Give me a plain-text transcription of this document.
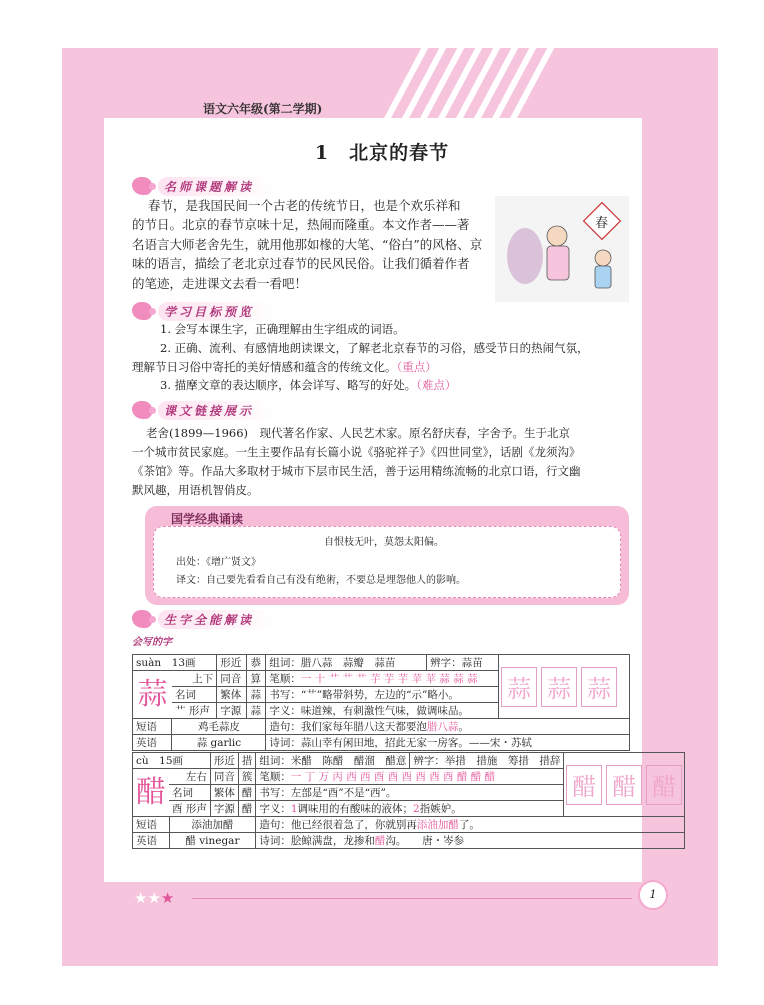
语文六年级(第二学期)
1　北京的春节
名师课题解读
春节，是我国民间一个古老的传统节日，也是个欢乐祥和
的节日。北京的春节京味十足，热闹而隆重。本文作者——著
名语言大师老舍先生，就用他那如椽的大笔、“俗白”的风格、京
味的语言，描绘了老北京过春节的民风民俗。让我们循着作者
的笔迹，走进课文去看一看吧！
春
学习目标预览
1. 会写本课生字，正确理解由生字组成的词语。
2. 正确、流利、有感情地朗读课文，了解老北京春节的习俗，感受节日的热闹气氛，
理解节日习俗中寄托的美好情感和蕴含的传统文化。（重点）
3. 描摩文章的表达顺序，体会详写、略写的好处。（难点）
课文链接展示
老舍(1899—1966)　现代著名作家、人民艺术家。原名舒庆春，字舍予。生于北京
一个城市贫民家庭。一生主要作品有长篇小说《骆驼祥子》《四世同堂》，话剧《龙须沟》
《茶馆》等。作品大多取材于城市下层市民生活，善于运用精练流畅的北京口语，行文幽
默风趣，用语机智俏皮。
国学经典诵读
自恨枝无叶，莫怨太阳偏。
出处：《增广贤文》
译文：自己要先看看自己有没有绝術，不要总是埋怨他人的影响。
生字全能解读
会写的字
suàn　 13画		形近	恭	组词：腊八蒜　蒜瓣　蒜苗	辨字：蒜苗	蒜 蒜 蒜

蒜	上下	同音	算	笔顺：一 十 艹 艹 艹 芋 芋 芋 苹 苹 蒜 蒜 蒜		
	名词	繁体	蒜	书写：“艹”略带斜势，左边的“示”略小。		
	艹 形声	字源	蒜	字义：味道辣，有刺激性气味，做调味品。		
短语	鸡毛蒜皮			造句：我们家每年腊八这天都要泡腊八蒜。		
英语	蒜 garlic			诗词：蒜山幸有闲田地，招此无家一房客。——宋・苏轼		
cù　 15画		形近	措	组词：米醋　陈醋　醋溜　醋意	辨字：举措　措施　筹措　措辞	醋 醋 醋

醋	左右	同音	簇	笔顺：一 丁 万 丙 西 西 酉 酉 酉 酉 酉 酉 醋 醋 醋		
	名词	繁体	醋	书写：左部是“酉”不是“西”。		
	酉 形声	字源	醋	字义：1调味用的有酸味的液体；2指嫉妒。		
短语	添油加醋			造句：他已经很着急了，你就别再添油加醋了。		
英语	醋 vinegar			诗词：脍鲸满盘，龙掺和醋沟。　　唐・岑参		
★★★	1
